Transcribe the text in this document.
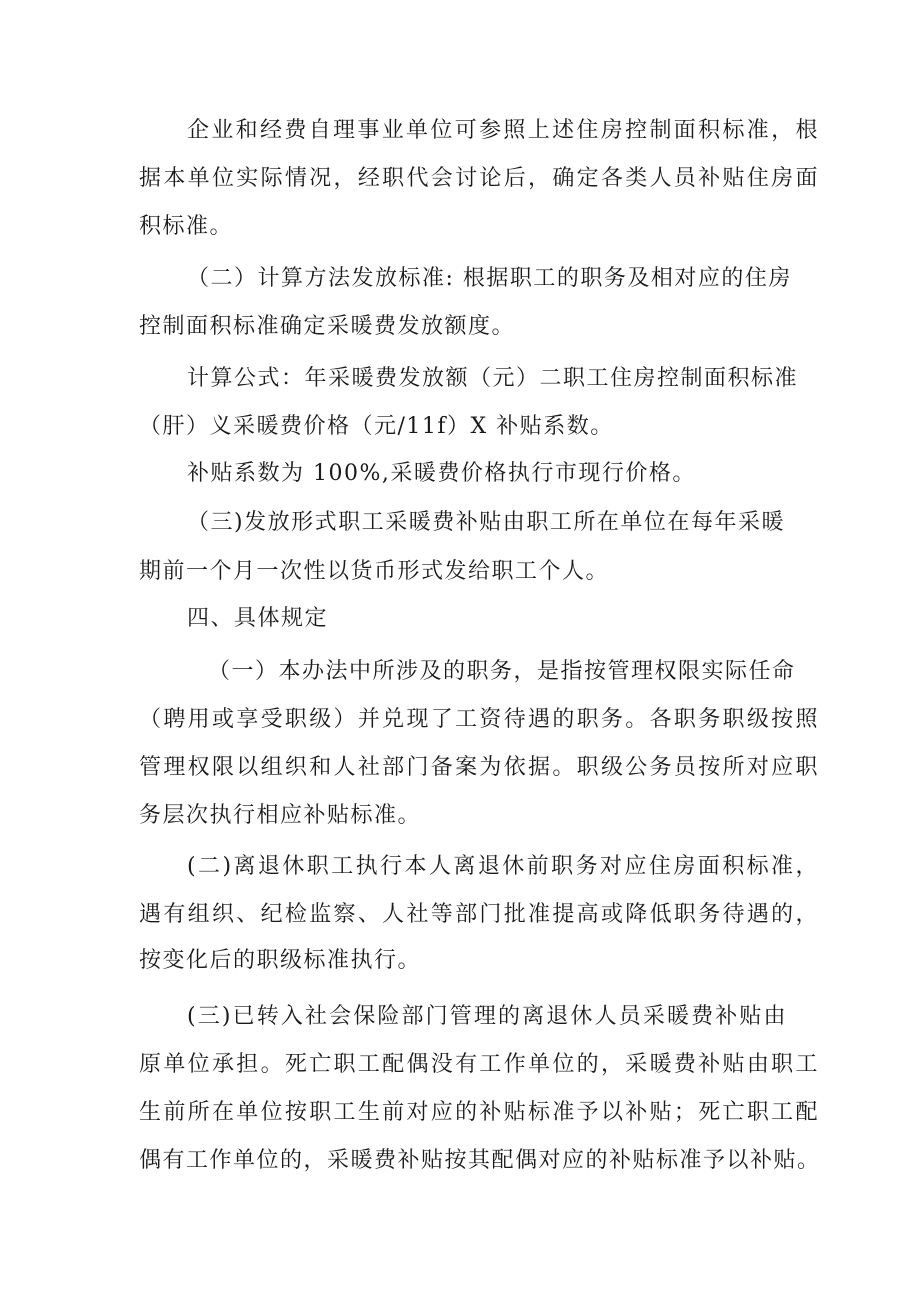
企业和经费自理事业单位可参照上述住房控制面积标准，根
据本单位实际情况，经职代会讨论后，确定各类人员补贴住房面
积标准。
（二）计算方法发放标准: 根据职工的职务及相对应的住房
控制面积标准确定采暖费发放额度。
计算公式：年采暖费发放额（元）二职工住房控制面积标准
（肝）义采暖费价格（元/11f）X 补贴系数。
补贴系数为 100%,采暖费价格执行市现行价格。
（三)发放形式职工采暖费补贴由职工所在单位在每年采暖
期前一个月一次性以货币形式发给职工个人。
四、具体规定
（一）本办法中所涉及的职务，是指按管理权限实际任命
（聘用或享受职级）并兑现了工资待遇的职务。各职务职级按照
管理权限以组织和人社部门备案为依据。职级公务员按所对应职
务层次执行相应补贴标准。
(二)离退休职工执行本人离退休前职务对应住房面积标准，
遇有组织、纪检监察、人社等部门批准提高或降低职务待遇的，
按变化后的职级标准执行。
(三)已转入社会保险部门管理的离退休人员采暖费补贴由
原单位承担。死亡职工配偶没有工作单位的，采暖费补贴由职工
生前所在单位按职工生前对应的补贴标准予以补贴；死亡职工配
偶有工作单位的，采暖费补贴按其配偶对应的补贴标准予以补贴。
